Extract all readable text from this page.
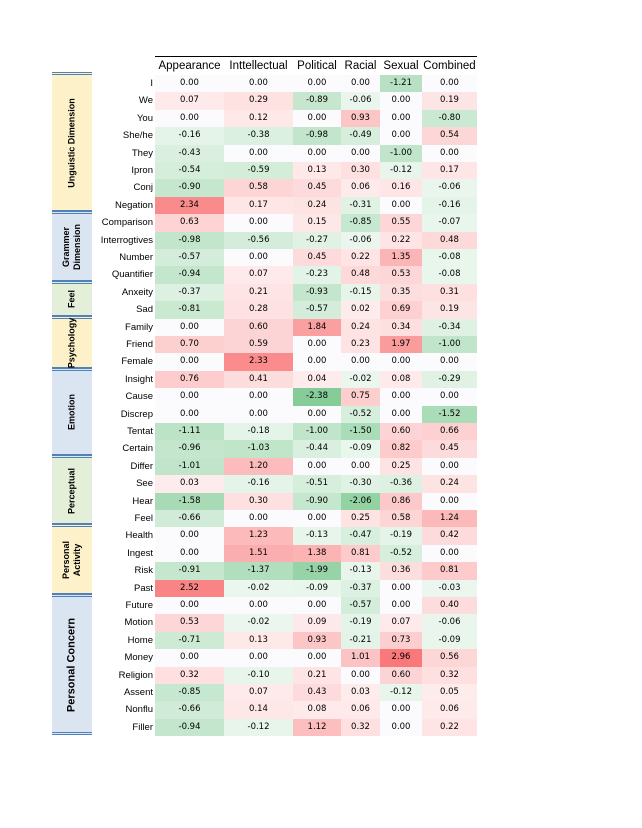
Appearance Inttellectual Political Racial Sexual Combined
Unguistic Dimension
Grammer
Dimension
Feel
Psychology
Emotion
Perceptual
Personal
Activity
Personal Concern
I	0.00	0.00	0.00	0.00	-1.21	0.00
We	0.07	0.29	-0.89	-0.06	0.00	0.19
You	0.00	0.12	0.00	0.93	0.00	-0.80
She/he	-0.16	-0.38	-0.98	-0.49	0.00	0.54
They	-0.43	0.00	0.00	0.00	-1.00	0.00
Ipron	-0.54	-0.59	0.13	0.30	-0.12	0.17
Conj	-0.90	0.58	0.45	0.06	0.16	-0.06
Negation	2.34	0.17	0.24	-0.31	0.00	-0.16
Comparison	0.63	0.00	0.15	-0.85	0.55	-0.07
Interrogtives	-0.98	-0.56	-0.27	-0.06	0.22	0.48
Number	-0.57	0.00	0.45	0.22	1.35	-0.08
Quantifier	-0.94	0.07	-0.23	0.48	0.53	-0.08
Anxeity	-0.37	0.21	-0.93	-0.15	0.35	0.31
Sad	-0.81	0.28	-0.57	0.02	0.69	0.19
Family	0.00	0.60	1.84	0.24	0.34	-0.34
Friend	0.70	0.59	0.00	0.23	1.97	-1.00
Female	0.00	2.33	0.00	0.00	0.00	0.00
Insight	0.76	0.41	0.04	-0.02	0.08	-0.29
Cause	0.00	0.00	-2.38	0.75	0.00	0.00
Discrep	0.00	0.00	0.00	-0.52	0.00	-1.52
Tentat	-1.11	-0.18	-1.00	-1.50	0.60	0.66
Certain	-0.96	-1.03	-0.44	-0.09	0.82	0.45
Differ	-1.01	1.20	0.00	0.00	0.25	0.00
See	0.03	-0.16	-0.51	-0.30	-0.36	0.24
Hear	-1.58	0.30	-0.90	-2.06	0.86	0.00
Feel	-0.66	0.00	0.00	0.25	0.58	1.24
Health	0.00	1.23	-0.13	-0.47	-0.19	0.42
Ingest	0.00	1.51	1.38	0.81	-0.52	0.00
Risk	-0.91	-1.37	-1.99	-0.13	0.36	0.81
Past	2.52	-0.02	-0.09	-0.37	0.00	-0.03
Future	0.00	0.00	0.00	-0.57	0.00	0.40
Motion	0.53	-0.02	0.09	-0.19	0.07	-0.06
Home	-0.71	0.13	0.93	-0.21	0.73	-0.09
Money	0.00	0.00	0.00	1.01	2.96	0.56
Religion	0.32	-0.10	0.21	0.00	0.60	0.32
Assent	-0.85	0.07	0.43	0.03	-0.12	0.05
Nonflu	-0.66	0.14	0.08	0.06	0.00	0.06
Filler	-0.94	-0.12	1.12	0.32	0.00	0.22
